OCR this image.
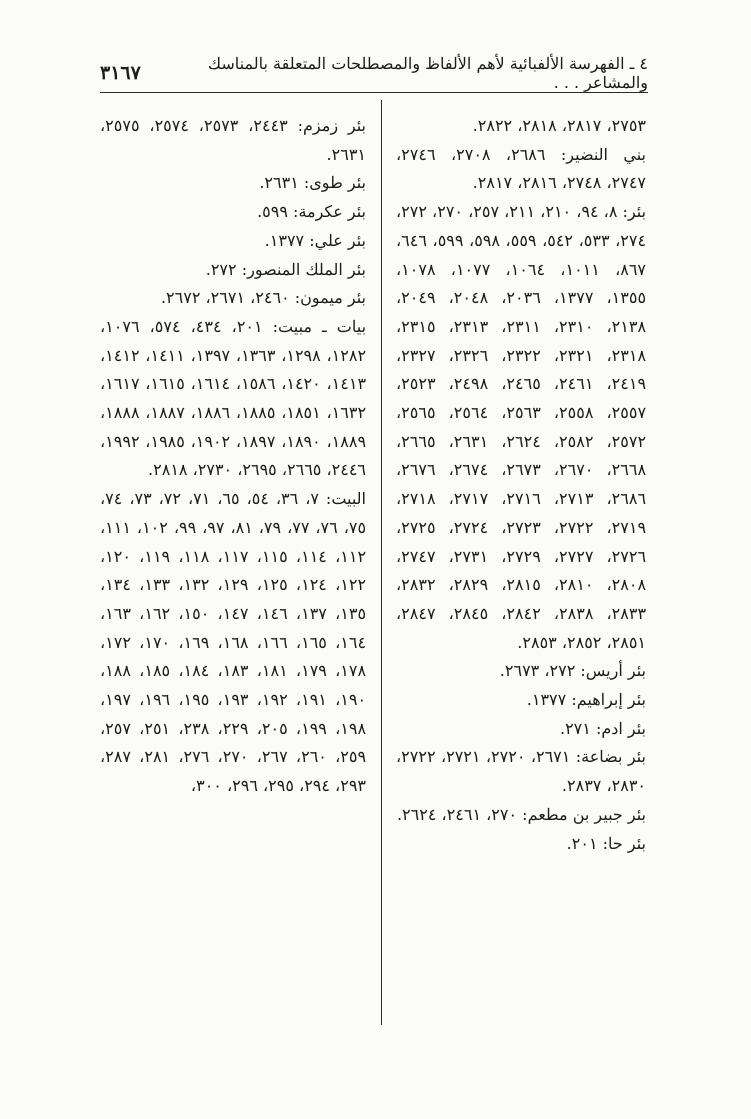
٤ ـ الفهرسة الألفبائية لأهم الألفاظ والمصطلحات المتعلقة بالمناسك والمشاعر . . .
٣١٦٧

٢٧٥٣، ٢٨١٧، ٢٨١٨، ٢٨٢٢.

بني النضير: ٢٦٨٦، ٢٧٠٨، ٢٧٤٦، ٢٧٤٧، ٢٧٤٨، ٢٨١٦، ٢٨١٧.

بئر: ٨، ٩٤، ٢١٠، ٢١١، ٢٥٧، ٢٧٠، ٢٧٢، ٢٧٤، ٥٣٣، ٥٤٢، ٥٥٩، ٥٩٨، ٥٩٩، ٦٤٦، ٨٦٧، ١٠١١، ١٠٦٤، ١٠٧٧، ١٠٧٨، ١٣٥٥، ١٣٧٧، ٢٠٣٦، ٢٠٤٨، ٢٠٤٩، ٢١٣٨، ٢٣١٠، ٢٣١١، ٢٣١٣، ٢٣١٥، ٢٣١٨، ٢٣٢١، ٢٣٢٢، ٢٣٢٦، ٢٣٢٧، ٢٤١٩، ٢٤٦١، ٢٤٦٥، ٢٤٩٨، ٢٥٢٣، ٢٥٥٧، ٢٥٥٨، ٢٥٦٣، ٢٥٦٤، ٢٥٦٥، ٢٥٧٢، ٢٥٨٢، ٢٦٢٤، ٢٦٣١، ٢٦٦٥، ٢٦٦٨، ٢٦٧٠، ٢٦٧٣، ٢٦٧٤، ٢٦٧٦، ٢٦٨٦، ٢٧١٣، ٢٧١٦، ٢٧١٧، ٢٧١٨، ٢٧١٩، ٢٧٢٢، ٢٧٢٣، ٢٧٢٤، ٢٧٢٥، ٢٧٢٦، ٢٧٢٧، ٢٧٢٩، ٢٧٣١، ٢٧٤٧، ٢٨٠٨، ٢٨١٠، ٢٨١٥، ٢٨٢٩، ٢٨٣٢، ٢٨٣٣، ٢٨٣٨، ٢٨٤٢، ٢٨٤٥، ٢٨٤٧، ٢٨٥١، ٢٨٥٢، ٢٨٥٣.

بئر أريس: ٢٧٢، ٢٦٧٣.

بئر إبراهيم: ١٣٧٧.

بئر ادم: ٢٧١.

بئر بضاعة: ٢٦٧١، ٢٧٢٠، ٢٧٢١، ٢٧٢٢، ٢٨٣٠، ٢٨٣٧.

بئر جبير بن مطعم: ٢٧٠، ٢٤٦١، ٢٦٢٤.

بئر حا: ٢٠١.

بئر زمزم: ٢٤٤٣، ٢٥٧٣، ٢٥٧٤، ٢٥٧٥، ٢٦٣١.

بئر طوى: ٢٦٣١.

بئر عكرمة: ٥٩٩.

بئر علي: ١٣٧٧.

بئر الملك المنصور: ٢٧٢.

بئر ميمون: ٢٤٦٠، ٢٦٧١، ٢٦٧٢.

بيات ـ مبيت: ٢٠١، ٤٣٤، ٥٧٤، ١٠٧٦، ١٢٨٢، ١٢٩٨، ١٣٦٣، ١٣٩٧، ١٤١١، ١٤١٢، ١٤١٣، ١٤٢٠، ١٥٨٦، ١٦١٤، ١٦١٥، ١٦١٧، ١٦٣٢، ١٨٥١، ١٨٨٥، ١٨٨٦، ١٨٨٧، ١٨٨٨، ١٨٨٩، ١٨٩٠، ١٨٩٧، ١٩٠٢، ١٩٨٥، ١٩٩٢، ٢٤٤٦، ٢٦٦٥، ٢٦٩٥، ٢٧٣٠، ٢٨١٨.

البيت: ٧، ٣٦، ٥٤، ٦٥، ٧١، ٧٢، ٧٣، ٧٤، ٧٥، ٧٦، ٧٧، ٧٩، ٨١، ٩٧، ٩٩، ١٠٢، ١١١، ١١٢، ١١٤، ١١٥، ١١٧، ١١٨، ١١٩، ١٢٠، ١٢٢، ١٢٤، ١٢٥، ١٢٩، ١٣٢، ١٣٣، ١٣٤، ١٣٥، ١٣٧، ١٤٦، ١٤٧، ١٥٠، ١٦٢، ١٦٣، ١٦٤، ١٦٥، ١٦٦، ١٦٨، ١٦٩، ١٧٠، ١٧٢، ١٧٨، ١٧٩، ١٨١، ١٨٣، ١٨٤، ١٨٥، ١٨٨، ١٩٠، ١٩١، ١٩٢، ١٩٣، ١٩٥، ١٩٦، ١٩٧، ١٩٨، ١٩٩، ٢٠٥، ٢٢٩، ٢٣٨، ٢٥١، ٢٥٧، ٢٥٩، ٢٦٠، ٢٦٧، ٢٧٠، ٢٧٦، ٢٨١، ٢٨٧، ٢٩٣، ٢٩٤، ٢٩٥، ٢٩٦، ٣٠٠،
